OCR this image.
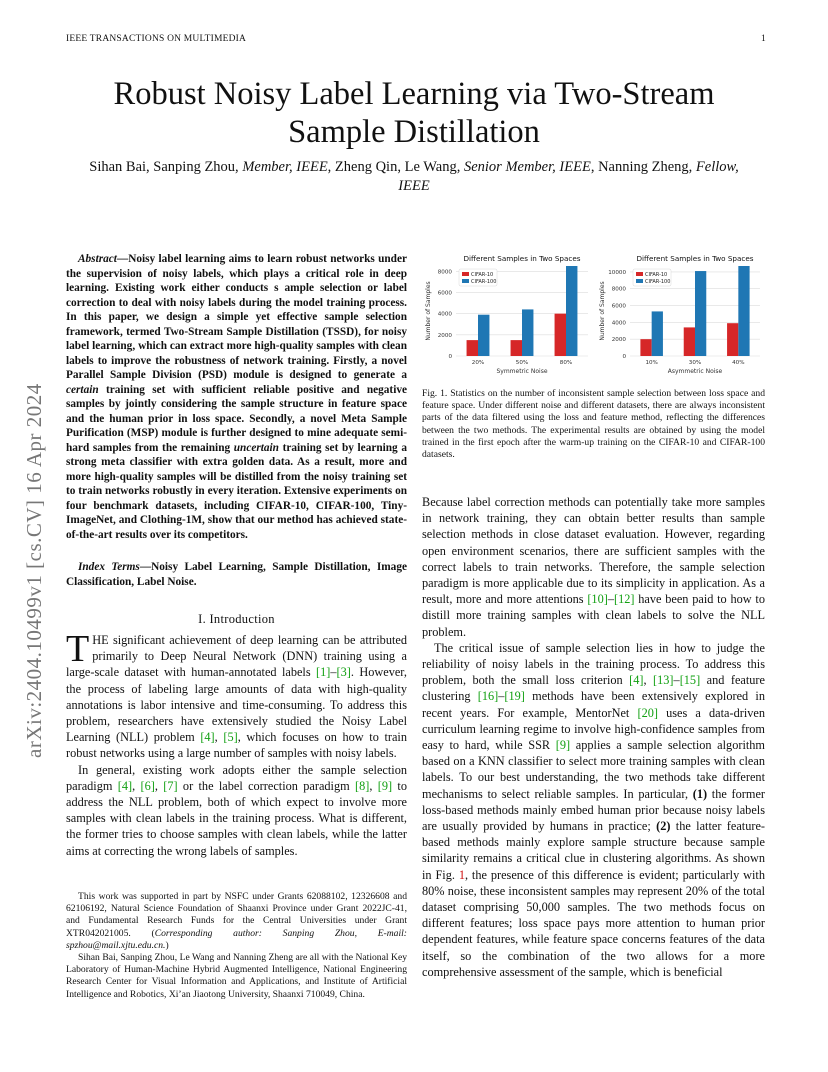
IEEE TRANSACTIONS ON MULTIMEDIA	1
arXiv:2404.10499v1 [cs.CV] 16 Apr 2024
Robust Noisy Label Learning via Two-Stream
Sample Distillation
Sihan Bai, Sanping Zhou, Member, IEEE, Zheng Qin, Le Wang, Senior Member, IEEE, Nanning Zheng, Fellow, IEEE
Abstract—Noisy label learning aims to learn robust networks under the supervision of noisy labels, which plays a critical role in deep learning. Existing work either conducts s ample selection or label correction to deal with noisy labels during the model training process. In this paper, we design a simple yet effective sample selection framework, termed Two-Stream Sample Distillation (TSSD), for noisy label learning, which can extract more high-quality samples with clean labels to improve the robustness of network training. Firstly, a novel Parallel Sample Division (PSD) module is designed to generate a certain training set with sufficient reliable positive and negative samples by jointly considering the sample structure in feature space and the human prior in loss space. Secondly, a novel Meta Sample Purification (MSP) module is further designed to mine adequate semi-hard samples from the remaining uncertain training set by learning a strong meta classifier with extra golden data. As a result, more and more high-quality samples will be distilled from the noisy training set to train networks robustly in every iteration. Extensive experiments on four benchmark datasets, including CIFAR-10, CIFAR-100, Tiny-ImageNet, and Clothing-1M, show that our method has achieved state-of-the-art results over its competitors.
Index Terms—Noisy Label Learning, Sample Distillation, Image Classification, Label Noise.
I. Introduction

THE significant achievement of deep learning can be attributed primarily to Deep Neural Network (DNN) training using a large-scale dataset with human-annotated labels [1]–[3]. However, the process of labeling large amounts of data with high-quality annotations is labor intensive and time-consuming. To address this problem, researchers have extensively studied the Noisy Label Learning (NLL) problem [4], [5], which focuses on how to train robust networks using a large number of samples with noisy labels.

In general, existing work adopts either the sample selection paradigm [4], [6], [7] or the label correction paradigm [8], [9] to address the NLL problem, both of which expect to involve more samples with clean labels in the training process. What is different, the former tries to choose samples with clean labels, while the latter aims at correcting the wrong labels of samples.

This work was supported in part by NSFC under Grants 62088102, 12326608 and 62106192, Natural Science Foundation of Shaanxi Province under Grant 2022JC-41, and Fundamental Research Funds for the Central Universities under Grant XTR042021005. (Corresponding author: Sanping Zhou, E-mail: spzhou@mail.xjtu.edu.cn.)

Sihan Bai, Sanping Zhou, Le Wang and Nanning Zheng are all with the National Key Laboratory of Human-Machine Hybrid Augmented Intelligence, National Engineering Research Center for Visual Information and Applications, and Institute of Artificial Intelligence and Robotics, Xi’an Jiaotong University, Shaanxi 710049, China.

0
2000
4000
6000
8000
20%	50%	80%
Different Samples in Two Spaces
Symmetric Noise
Number of Samples
CIFAR-10
CIFAR-100
0
2000
4000
6000
8000
10000
10%	30%	40%
Different Samples in Two Spaces
Asymmetric Noise
Number of Samples
CIFAR-10
CIFAR-100
Fig. 1. Statistics on the number of inconsistent sample selection between loss space and feature space. Under different noise and different datasets, there are always inconsistent parts of the data filtered using the loss and feature method, reflecting the differences between the two methods. The experimental results are obtained by using the model trained in the first epoch after the warm-up training on the CIFAR-10 and CIFAR-100 datasets.

Because label correction methods can potentially take more samples in network training, they can obtain better results than sample selection methods in close dataset evaluation. However, regarding open environment scenarios, there are sufficient samples with the correct labels to train networks. Therefore, the sample selection paradigm is more applicable due to its simplicity in application. As a result, more and more attentions [10]–[12] have been paid to how to distill more training samples with clean labels to solve the NLL problem.

The critical issue of sample selection lies in how to judge the reliability of noisy labels in the training process. To address this problem, both the small loss criterion [4], [13]–[15] and feature clustering [16]–[19] methods have been extensively explored in recent years. For example, MentorNet [20] uses a data-driven curriculum learning regime to involve high-confidence samples from easy to hard, while SSR [9] applies a sample selection algorithm based on a KNN classifier to select more training samples with clean labels. To our best understanding, the two methods take different mechanisms to select reliable samples. In particular, (1) the former loss-based methods mainly embed human prior because noisy labels are usually provided by humans in practice; (2) the latter feature-based methods mainly explore sample structure because sample similarity remains a critical clue in clustering algorithms. As shown in Fig. 1, the presence of this difference is evident; particularly with 80% noise, these inconsistent samples may represent 20% of the total dataset comprising 50,000 samples. The two methods focus on different features; loss space pays more attention to human prior dependent features, while feature space concerns features of the data itself, so the combination of the two allows for a more comprehensive assessment of the sample, which is beneficial
